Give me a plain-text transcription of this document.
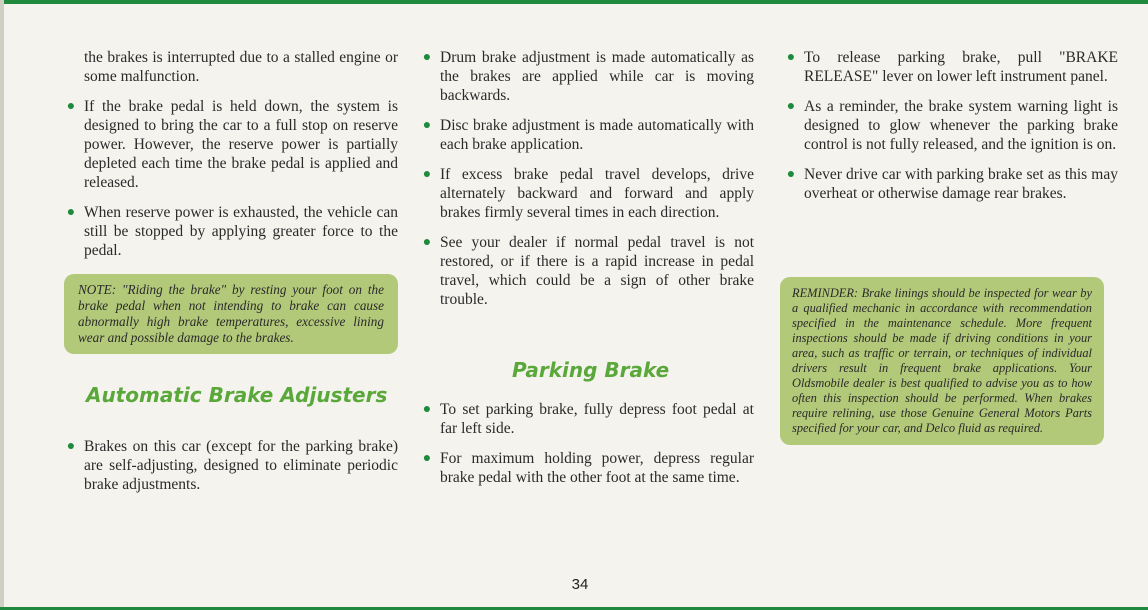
the brakes is interrupted due to a stalled engine or some malfunction.

● If the brake pedal is held down, the system is designed to bring the car to a full stop on reserve power. However, the reserve power is partially depleted each time the brake pedal is applied and released.

● When reserve power is exhausted, the vehicle can still be stopped by applying greater force to the pedal.

NOTE: "Riding the brake" by resting your foot on the brake pedal when not intending to brake can cause abnormally high brake temperatures, excessive lining wear and possible damage to the brakes.
Automatic Brake Adjusters
● Brakes on this car (except for the parking brake) are self-adjusting, designed to eliminate periodic brake adjustments.

● Drum brake adjustment is made automatically as the brakes are applied while car is moving backwards.

● Disc brake adjustment is made automatically with each brake application.

● If excess brake pedal travel develops, drive alternately backward and forward and apply brakes firmly several times in each direction.

● See your dealer if normal pedal travel is not restored, or if there is a rapid increase in pedal travel, which could be a sign of other brake trouble.

Parking Brake
● To set parking brake, fully depress foot pedal at far left side.

● For maximum holding power, depress regular brake pedal with the other foot at the same time.

● To release parking brake, pull "BRAKE RELEASE" lever on lower left instrument panel.

● As a reminder, the brake system warning light is designed to glow whenever the parking brake control is not fully released, and the ignition is on.

● Never drive car with parking brake set as this may overheat or otherwise damage rear brakes.

REMINDER: Brake linings should be inspected for wear by a qualified mechanic in accordance with recommendation specified in the maintenance schedule. More frequent inspections should be made if driving conditions in your area, such as traffic or terrain, or techniques of individual drivers result in frequent brake applications. Your Oldsmobile dealer is best qualified to advise you as to how often this inspection should be performed. When brakes require relining, use those Genuine General Motors Parts specified for your car, and Delco fluid as required.
34
